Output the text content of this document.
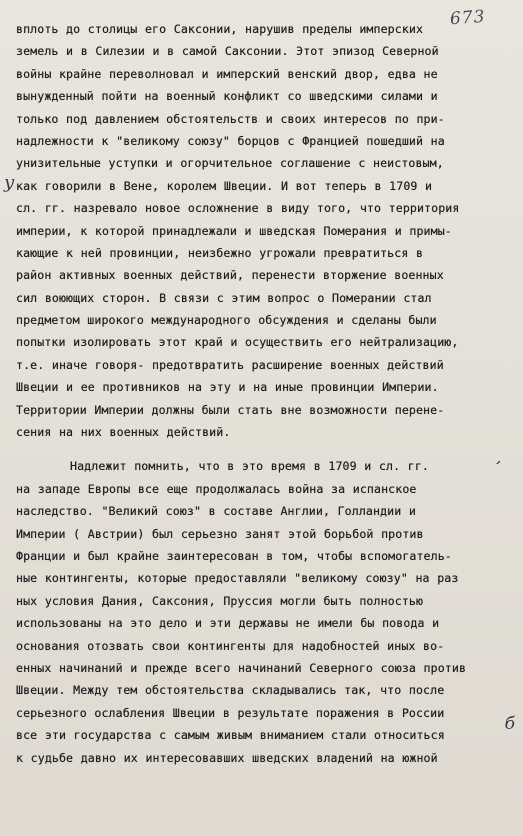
673
у
,
б
вплоть до столицы его Саксонии, нарушив пределы имперских
земель и в Силезии и в самой Саксонии. Этот эпизод Северной
войны крайне переволновал и имперский венский двор, едва не
вынужденный пойти на военный конфликт со шведскими силами и
только под давлением обстоятельств и своих интересов по при-
надлежности к "великому союзу" борцов с Францией пошедший на
унизительные уступки и огорчительное соглашение с неистовым,
как говорили в Вене, королем Швеции. И вот теперь в 1709 и
сл. гг. назревало новое осложнение в виду того, что территория
империи, к которой принадлежали и шведская Померания и примы-
кающие к ней провинции, неизбежно угрожали превратиться в
район активных военных действий, перенести вторжение военных
сил воюющих сторон. В связи с этим вопрос о Померании стал
предметом широкого международного обсуждения и сделаны были
попытки изолировать этот край и осуществить его нейтрализацию,
т.е. иначе говоря- предотвратить расширение военных действий
Швеции и ее противников на эту и на иные провинции Империи.
Территории Империи должны были стать вне возможности перене-
сения на них военных действий.
Надлежит помнить, что в это время в 1709 и сл. гг.
на западе Европы все еще продолжалась война за испанское
наследство. "Великий союз" в составе Англии, Голландии и
Империи ( Австрии) был серьезно занят этой борьбой против
Франции и был крайне заинтересован в том, чтобы вспомогатель-
ные контингенты, которые предоставляли "великому союзу" на раз
ных условия Дания, Саксония, Пруссия могли быть полностью
использованы на это дело и эти державы не имели бы повода и
основания отозвать свои контингенты для надобностей иных во-
енных начинаний и прежде всего начинаний Северного союза против
Швеции. Между тем обстоятельства складывались так, что после
серьезного ослабления Швеции в результате поражения в России
все эти государства с самым живым вниманием стали относиться
к судьбе давно их интересовавших шведских владений на южной
